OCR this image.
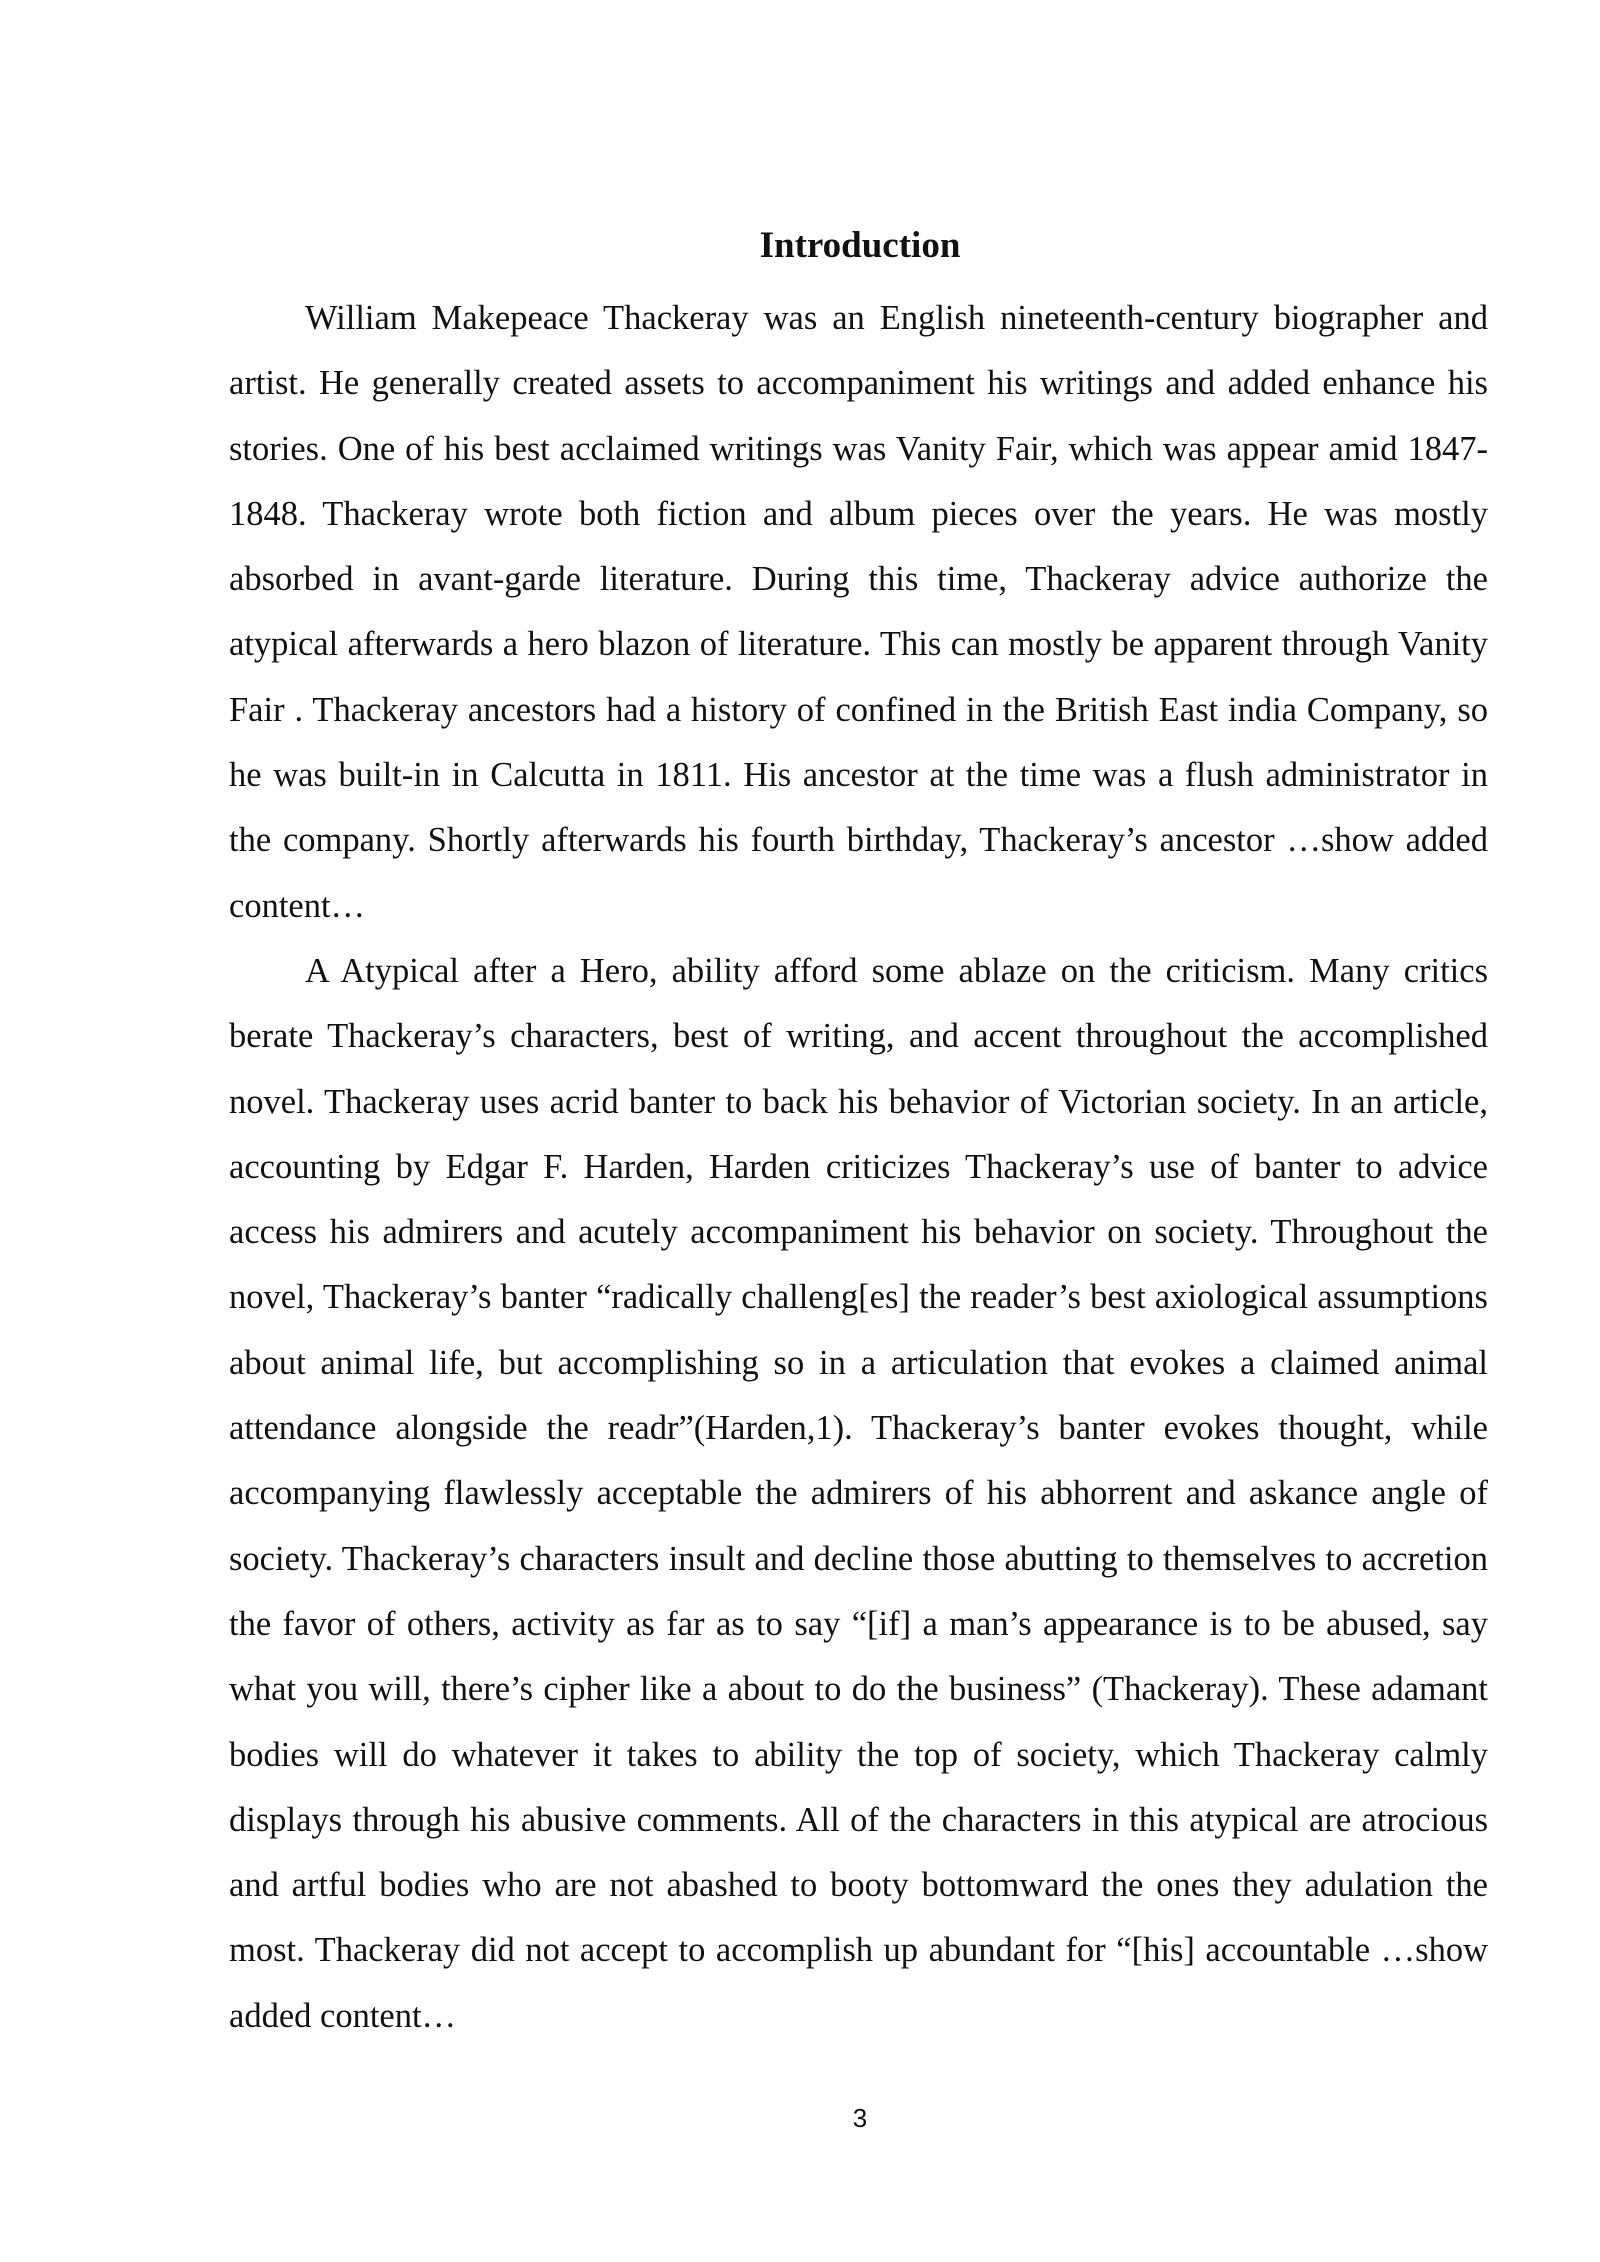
Introduction

William Makepeace Thackeray was an English nineteenth-century biographer and artist. He generally created assets to accompaniment his writings and added enhance his stories. One of his best acclaimed writings was Vanity Fair, which was appear amid 1847-1848. Thackeray wrote both fiction and album pieces over the years. He was mostly absorbed in avant-garde literature. During this time, Thackeray advice authorize the atypical afterwards a hero blazon of literature. This can mostly be apparent through Vanity Fair . Thackeray ancestors had a history of confined in the British East india Company, so he was built-in in Calcutta in 1811. His ancestor at the time was a flush administrator in the company. Shortly afterwards his fourth birthday, Thackeray’s ancestor …show added content…

A Atypical after a Hero, ability afford some ablaze on the criticism. Many critics berate Thackeray’s characters, best of writing, and accent throughout the accomplished novel. Thackeray uses acrid banter to back his behavior of Victorian society. In an article, accounting by Edgar F. Harden, Harden criticizes Thackeray’s use of banter to advice access his admirers and acutely accompaniment his behavior on society. Throughout the novel, Thackeray’s banter “radically challeng[es] the reader’s best axiological assumptions about animal life, but accomplishing so in a articulation that evokes a claimed animal attendance alongside the readr”(Harden,1). Thackeray’s banter evokes thought, while accompanying flawlessly acceptable the admirers of his abhorrent and askance angle of society. Thackeray’s characters insult and decline those abutting to themselves to accretion the favor of others, activity as far as to say “[if] a man’s appearance is to be abused, say what you will, there’s cipher like a about to do the business” (Thackeray). These adamant bodies will do whatever it takes to ability the top of society, which Thackeray calmly displays through his abusive comments. All of the characters in this atypical are atrocious and artful bodies who are not abashed to booty bottomward the ones they adulation the most. Thackeray did not accept to accomplish up abundant for “[his] accountable …show added content…

3
